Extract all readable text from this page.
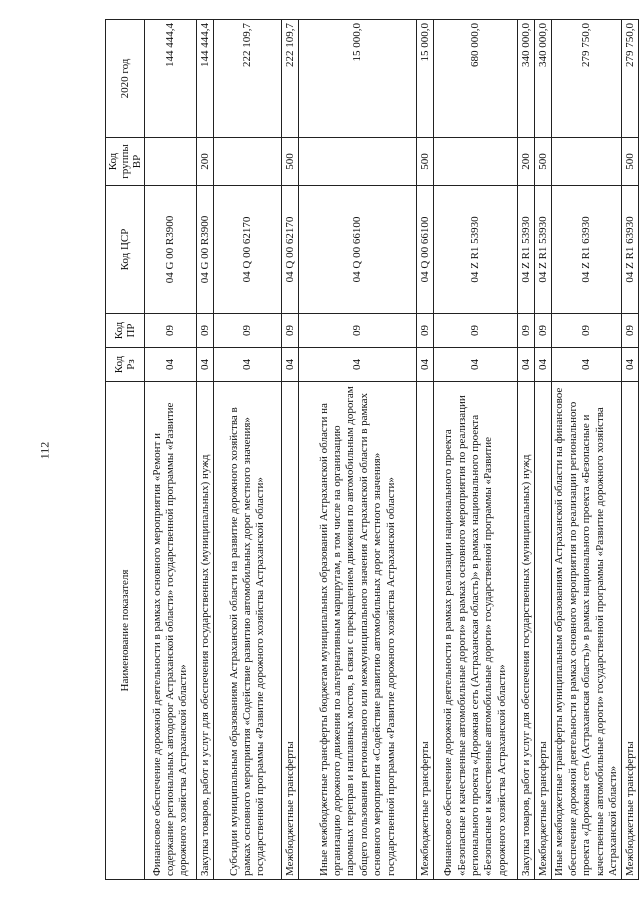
112
Наименование показателя	Код Рз	Код ПР	Код ЦСР	Код группы ВР	2020 год
Финансовое обеспечение дорожной деятельности в рамках основного мероприятия «Ремонт и содержание региональных автодорог Астраханской области» государственной программы «Развитие дорожного хозяйства Астраханской области»	04	09	04 G 00 R3900		144 444,4
Закупка товаров, работ и услуг для обеспечения государственных (муниципальных) нужд	04	09	04 G 00 R3900	200	144 444,4
Субсидии муниципальным образованиям Астраханской области на развитие дорожного хозяйства в рамках основного мероприятия «Содействие развитию автомобильных дорог местного значения» государственной программы «Развитие дорожного хозяйства Астраханской области»	04	09	04 Q 00 62170		222 109,7
Межбюджетные трансферты	04	09	04 Q 00 62170	500	222 109,7
Иные межбюджетные трансферты бюджетам муниципальных образований Астраханской области на организацию дорожного движения по альтернативным маршрутам, в том числе на организацию паромных переправ и наплавных мостов, в связи с прекращением движения по автомобильным дорогам общего пользования регионального или межмуниципального значения Астраханской области в рамках основного мероприятия «Содействие развитию автомобильных дорог местного значения» государственной программы «Развитие дорожного хозяйства Астраханской области»	04	09	04 Q 00 66100		15 000,0
Межбюджетные трансферты	04	09	04 Q 00 66100	500	15 000,0
Финансовое обеспечение дорожной деятельности в рамках реализации национального проекта «Безопасные и качественные автомобильные дороги» в рамках основного мероприятия по реализации регионального проекта «Дорожная сеть (Астраханская область)» в рамках национального проекта «Безопасные и качественные автомобильные дороги» государственной программы «Развитие дорожного хозяйства Астраханской области»	04	09	04 Z R1 53930		680 000,0
Закупка товаров, работ и услуг для обеспечения государственных (муниципальных) нужд	04	09	04 Z R1 53930	200	340 000,0
Межбюджетные трансферты	04	09	04 Z R1 53930	500	340 000,0
Иные межбюджетные трансферты муниципальным образованиям Астраханской области на финансовое обеспечение дорожной деятельности в рамках основного мероприятия по реализации регионального проекта «Дорожная сеть (Астраханская область)» в рамках национального проекта «Безопасные и качественные автомобильные дороги» государственной программы «Развитие дорожного хозяйства Астраханской области»	04	09	04 Z R1 63930		279 750,0
Межбюджетные трансферты	04	09	04 Z R1 63930	500	279 750,0
